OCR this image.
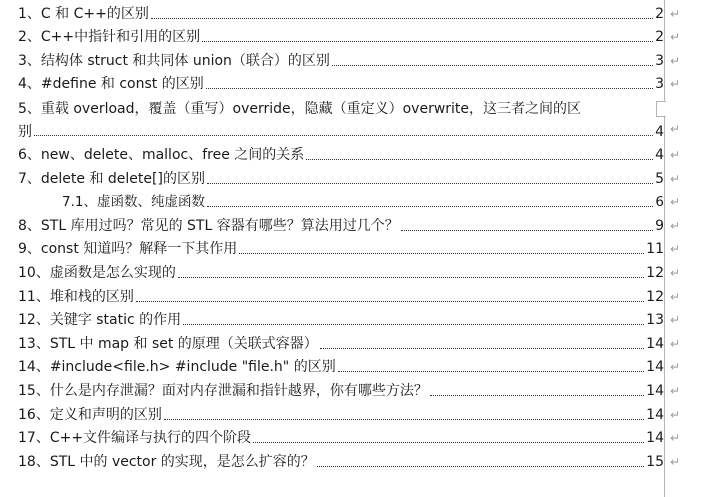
1、C 和 C++的区别	2 ↵
2、C++中指针和引用的区别	2 ↵
3、结构体 struct 和共同体 union（联合）的区别	3 ↵
4、#define 和 const 的区别	3 ↵
5、重载 overload，覆盖（重写）override，隐藏（重定义）overwrite，这三者之间的区
别	4 ↵
6、new、delete、malloc、free 之间的关系	4 ↵
7、delete 和 delete[]的区别	5 ↵
7.1、虚函数、纯虚函数	6 ↵
8、STL 库用过吗？常见的 STL 容器有哪些？算法用过几个？	9 ↵
9、const 知道吗？解释一下其作用	11 ↵
10、虚函数是怎么实现的	12 ↵
11、堆和栈的区别	12 ↵
12、关键字 static 的作用	13 ↵
13、STL 中 map 和 set 的原理（关联式容器）	14 ↵
14、#include<file.h> #include "file.h" 的区别	14 ↵
15、什么是内存泄漏？面对内存泄漏和指针越界，你有哪些方法？	14 ↵
16、定义和声明的区别	14 ↵
17、C++文件编译与执行的四个阶段	14 ↵
18、STL 中的 vector 的实现，是怎么扩容的？	15 ↵
